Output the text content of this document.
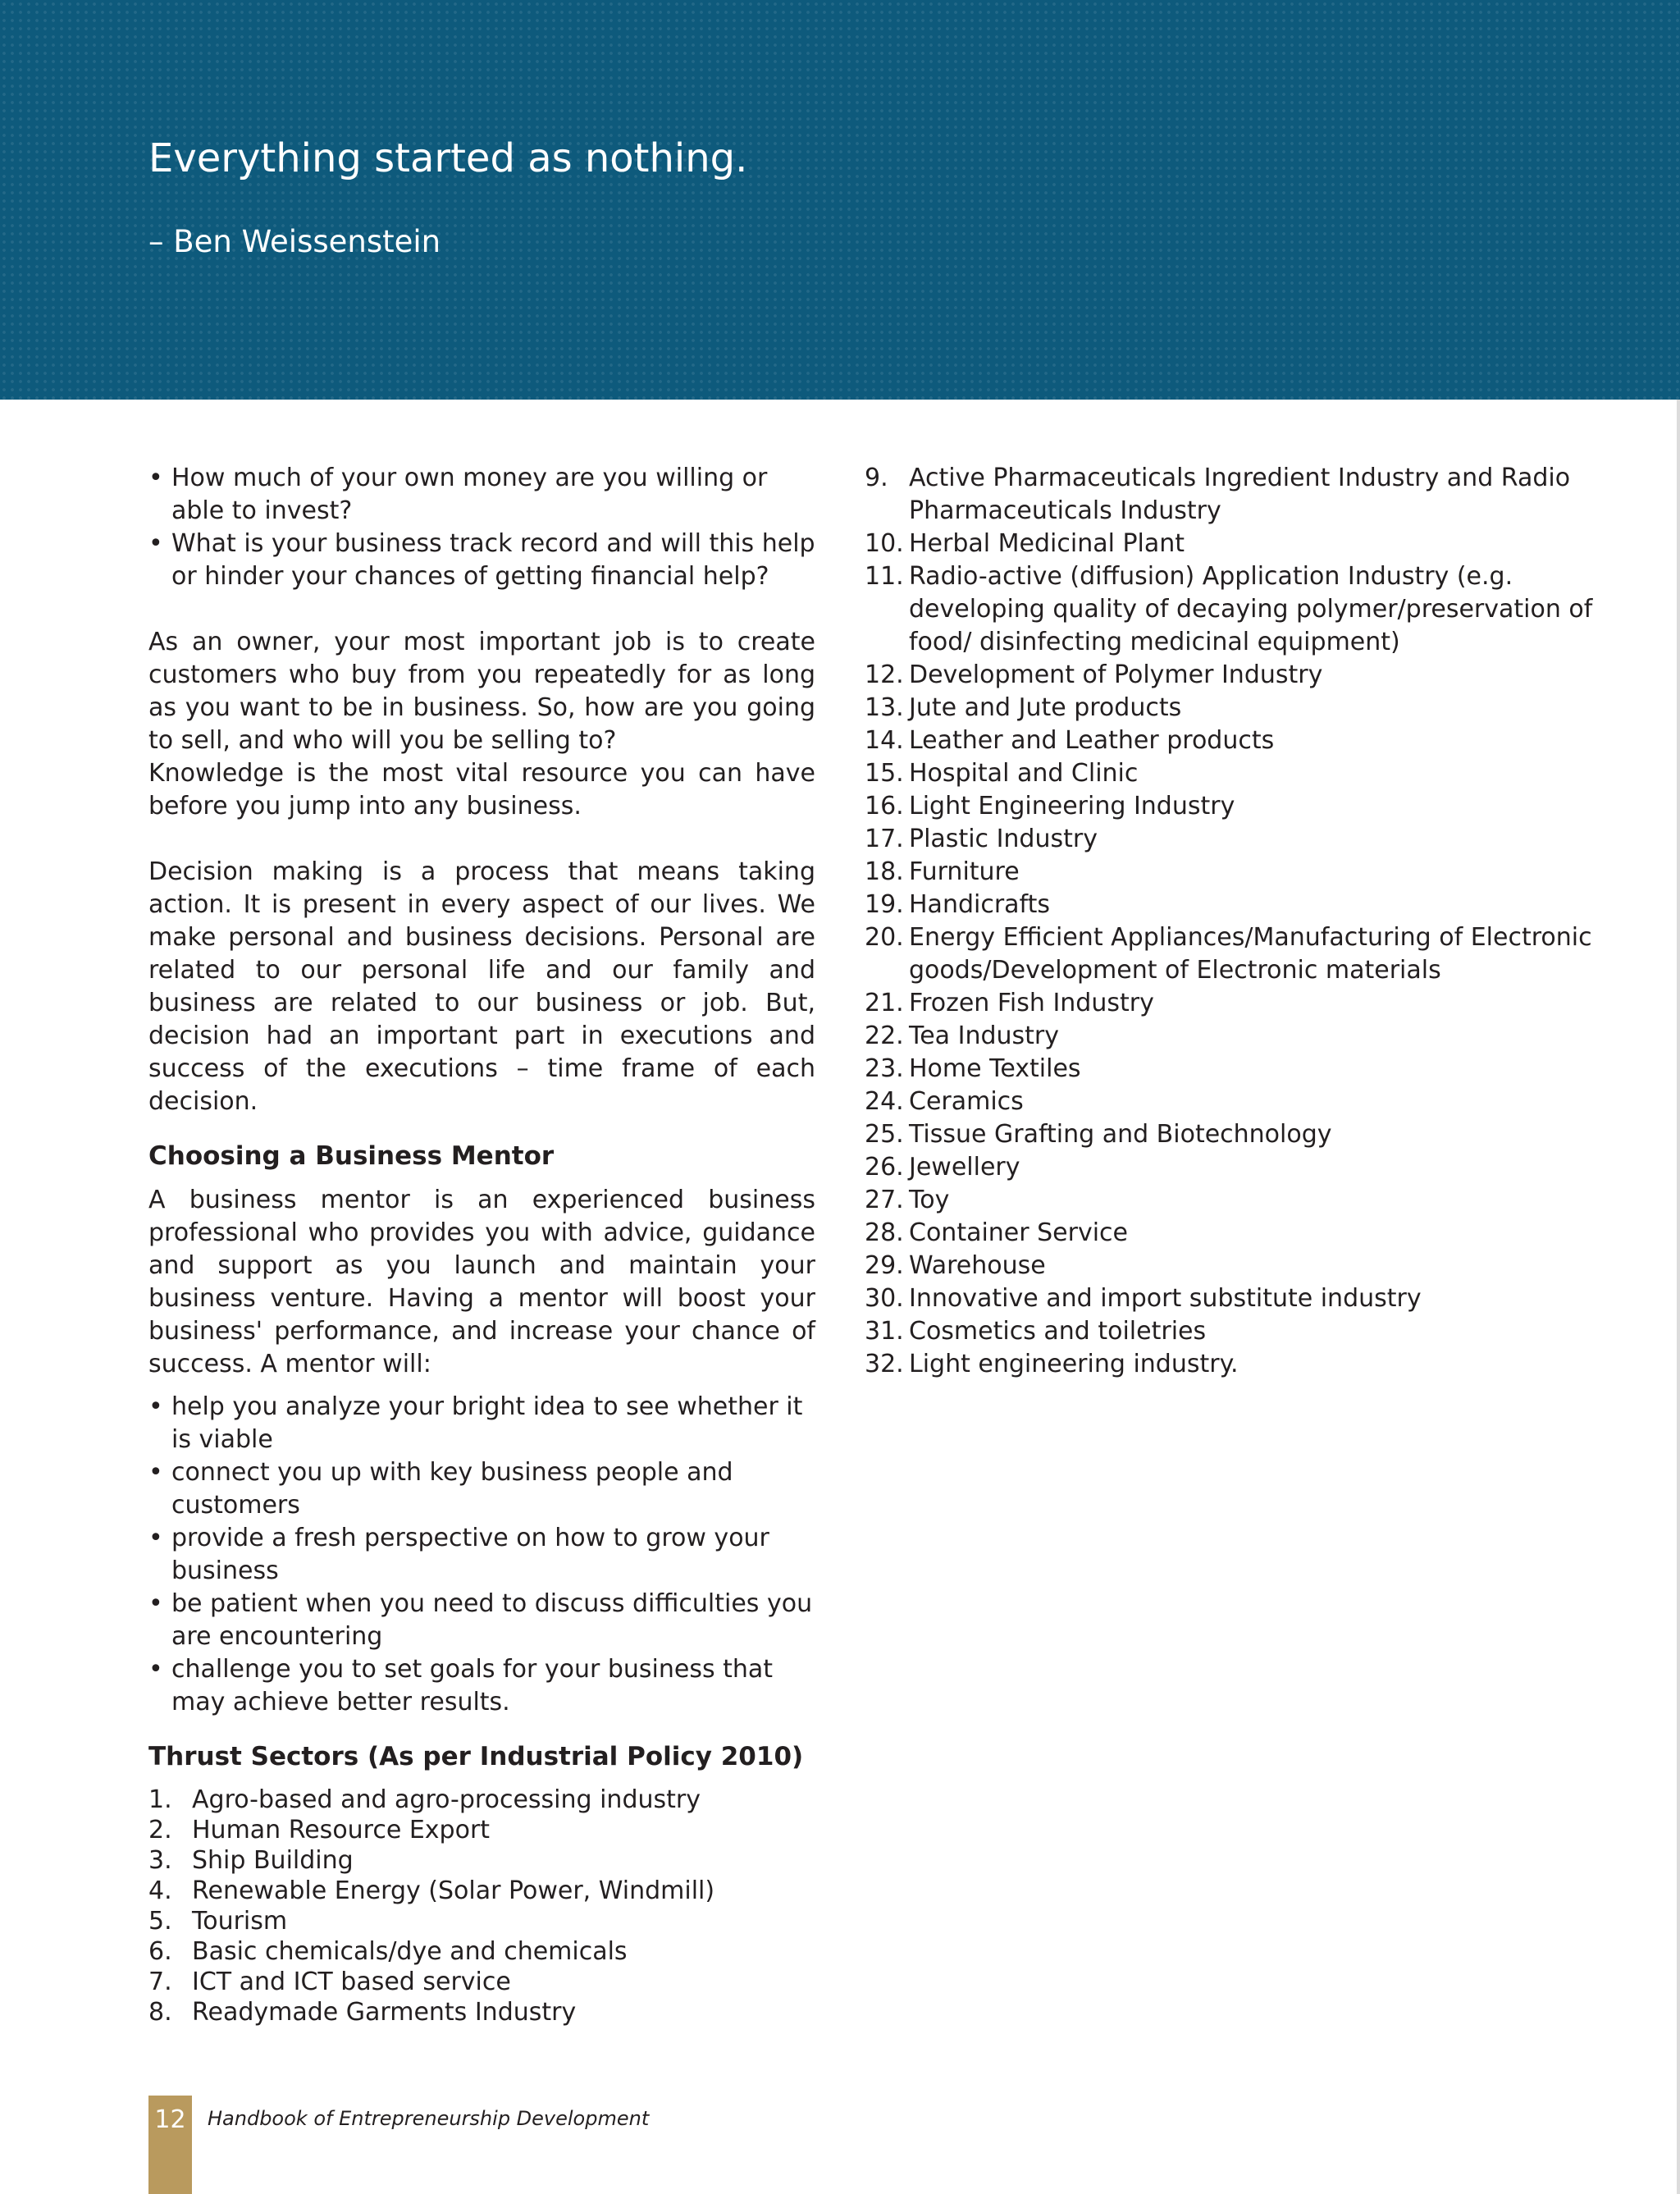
Everything started as nothing.

– Ben Weissenstein

• How much of your own money are you willing or able to invest?
• What is your business track record and will this help or hinder your chances of getting financial help?

As an owner, your most important job is to create customers who buy from you repeatedly for as long as you want to be in business. So, how are you going to sell, and who will you be selling to?

Knowledge is the most vital resource you can have before you jump into any business.

Decision making is a process that means taking action. It is present in every aspect of our lives. We make personal and business decisions. Personal are related to our personal life and our family and business are related to our business or job. But, decision had an important part in executions and success of the executions – time frame of each decision.

Choosing a Business Mentor

A business mentor is an experienced business professional who provides you with advice, guidance and support as you launch and maintain your business venture. Having a mentor will boost your business' performance, and increase your chance of success. A mentor will:

• help you analyze your bright idea to see whether it is viable
• connect you up with key business people and customers
• provide a fresh perspective on how to grow your business
• be patient when you need to discuss difficulties you are encountering
• challenge you to set goals for your business that may achieve better results.
Thrust Sectors (As per Industrial Policy 2010)
1. Agro-based and agro-processing industry
2. Human Resource Export
3. Ship Building
4. Renewable Energy (Solar Power, Windmill)
5. Tourism
6. Basic chemicals/dye and chemicals
7. ICT and ICT based service
8. Readymade Garments Industry
9. Active Pharmaceuticals Ingredient Industry and Radio Pharmaceuticals Industry
10. Herbal Medicinal Plant
11. Radio-active (diffusion) Application Industry (e.g. developing quality of decaying polymer/preservation of food/ disinfecting medicinal equipment)
12. Development of Polymer Industry
13. Jute and Jute products
14. Leather and Leather products
15. Hospital and Clinic
16. Light Engineering Industry
17. Plastic Industry
18. Furniture
19. Handicrafts
20. Energy Efficient Appliances/Manufacturing of Electronic goods/Development of Electronic materials
21. Frozen Fish Industry
22. Tea Industry
23. Home Textiles
24. Ceramics
25. Tissue Grafting and Biotechnology
26. Jewellery
27. Toy
28. Container Service
29. Warehouse
30. Innovative and import substitute industry
31. Cosmetics and toiletries
32. Light engineering industry.
12	Handbook of Entrepreneurship Development
